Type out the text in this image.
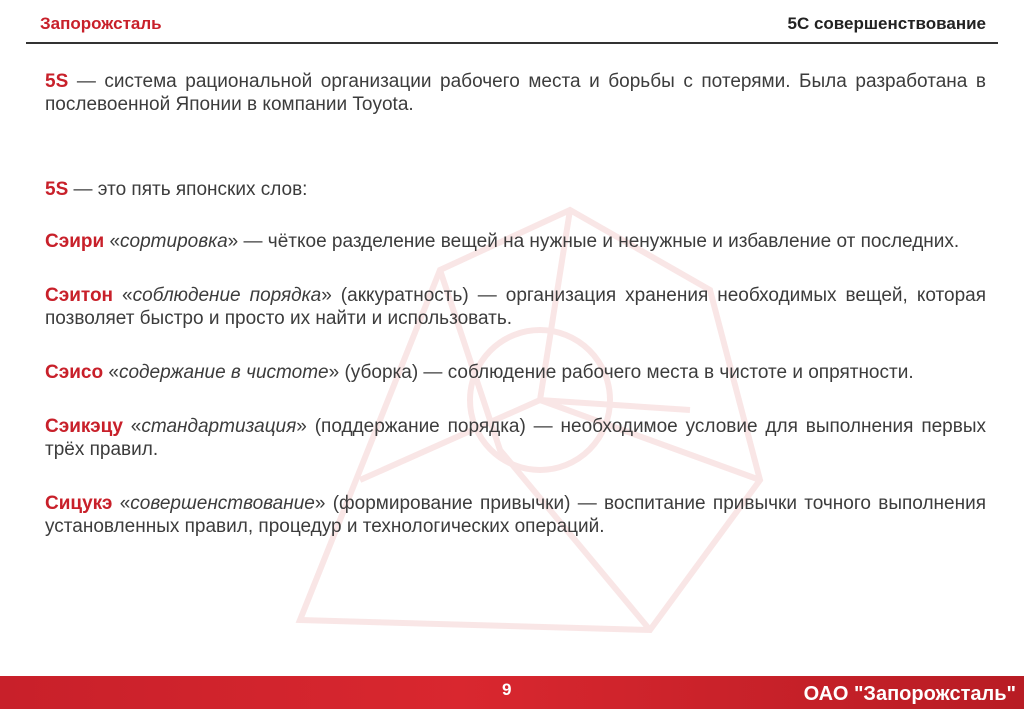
Запорожсталь	5С совершенствование

5S — система рациональной организации рабочего места и борьбы с потерями. Была разработана в послевоенной Японии в компании Toyota.

5S — это пять японских слов:

Сэири «сортировка» — чёткое разделение вещей на нужные и ненужные и избавление от последних.

Сэитон «соблюдение порядка» (аккуратность) — организация хранения необходимых вещей, которая позволяет быстро и просто их найти и использовать.

Сэисо «содержание в чистоте» (уборка) — соблюдение рабочего места в чистоте и опрятности.

Сэикэцу «стандартизация» (поддержание порядка) — необходимое условие для выполнения первых трёх правил.

Сицукэ «совершенствование» (формирование привычки) — воспитание привычки точного выполнения установленных правил, процедур и технологических операций.

9	ОАО "Запорожсталь"
